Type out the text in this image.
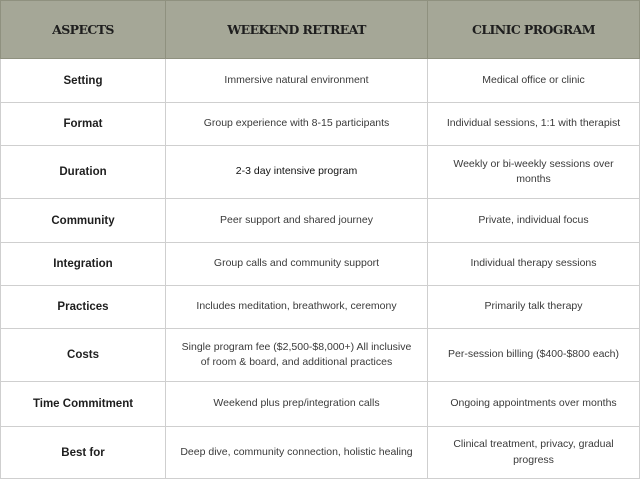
ASPECTS	WEEKEND RETREAT	CLINIC PROGRAM
Setting	Immersive natural environment	Medical office or clinic
Format	Group experience with 8-15 participants	Individual sessions, 1:1 with therapist
Duration	2-3 day intensive program	Weekly or bi-weekly sessions over months
Community	Peer support and shared journey	Private, individual focus
Integration	Group calls and community support	Individual therapy sessions
Practices	Includes meditation, breathwork, ceremony	Primarily talk therapy
Costs	Single program fee ($2,500-$8,000+) All inclusive of room & board, and additional practices	Per-session billing ($400-$800 each)
Time Commitment	Weekend plus prep/integration calls	Ongoing appointments over months
Best for	Deep dive, community connection, holistic healing	Clinical treatment, privacy, gradual progress
